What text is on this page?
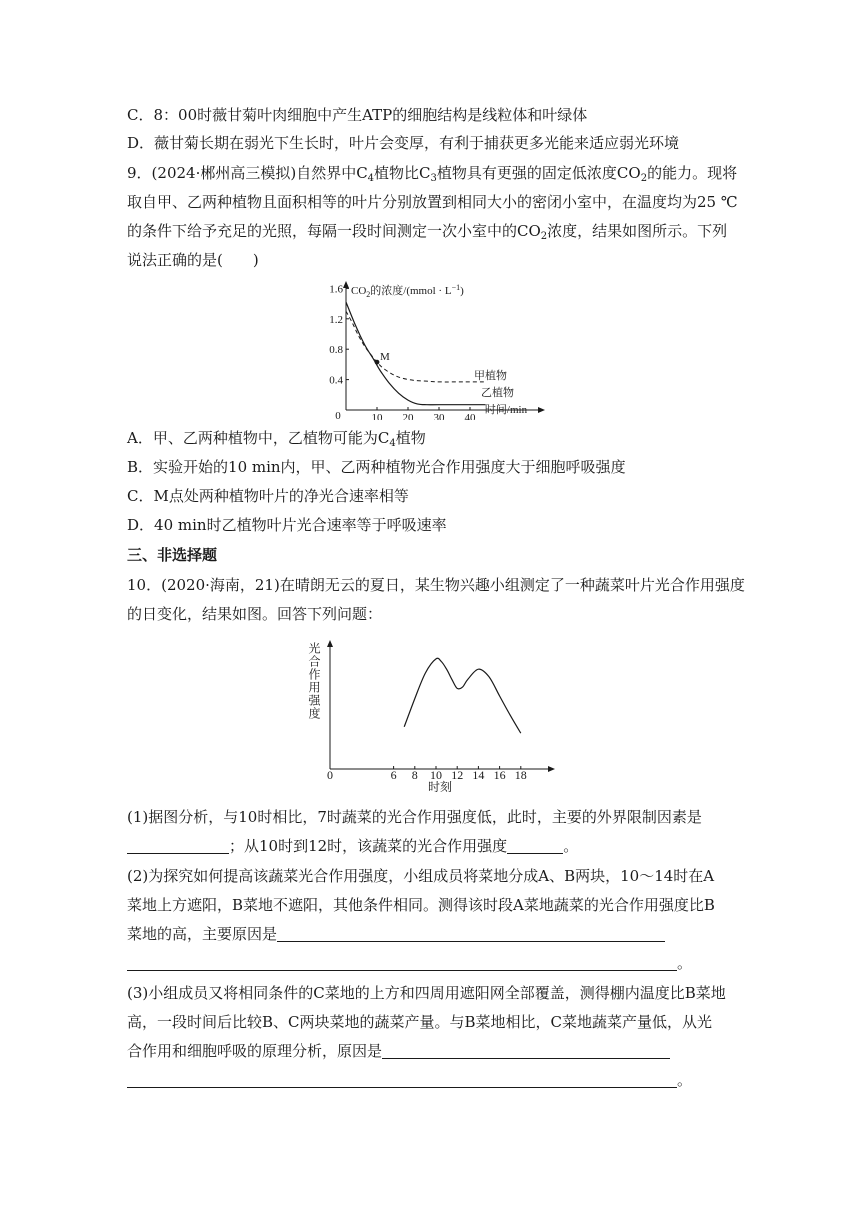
C．8：00时薇甘菊叶肉细胞中产生ATP的细胞结构是线粒体和叶绿体
D．薇甘菊长期在弱光下生长时，叶片会变厚，有利于捕获更多光能来适应弱光环境
9．(2024·郴州高三模拟)自然界中$C_4$植物比$C_3$植物具有更强的固定低浓度$CO_2$的能力。现将
取自甲、乙两种植物且面积相等的叶片分别放置到相同大小的密闭小室中，在温度均为25 ℃
的条件下给予充足的光照，每隔一段时间测定一次小室中的$CO_2$浓度，结果如图所示。下列
说法正确的是(　　)
0.4
0.8
1.2
1.6
10 20 30 40
0
$CO_2$的浓度/(mmol · $L^{-1}$)
时间/min
M
甲植物
乙植物
A．甲、乙两种植物中，乙植物可能为$C_4$植物
B．实验开始的10 min内，甲、乙两种植物光合作用强度大于细胞呼吸强度
C．M点处两种植物叶片的净光合速率相等
D．40 min时乙植物叶片光合速率等于呼吸速率
三、非选择题
10．(2020·海南，21)在晴朗无云的夏日，某生物兴趣小组测定了一种蔬菜叶片光合作用强度
的日变化，结果如图。回答下列问题：
0	6 8 10 12 14 16 18
光合作用强度
时刻
(1)据图分析，与10时相比，7时蔬菜的光合作用强度低，此时，主要的外界限制因素是
；从10时到12时，该蔬菜的光合作用强度	。
(2)为探究如何提高该蔬菜光合作用强度，小组成员将菜地分成A、B两块，10～14时在A
菜地上方遮阳，B菜地不遮阳，其他条件相同。测得该时段A菜地蔬菜的光合作用强度比B
菜地的高，主要原因是
。
(3)小组成员又将相同条件的C菜地的上方和四周用遮阳网全部覆盖，测得棚内温度比B菜地
高，一段时间后比较B、C两块菜地的蔬菜产量。与B菜地相比，C菜地蔬菜产量低，从光
合作用和细胞呼吸的原理分析，原因是
。
